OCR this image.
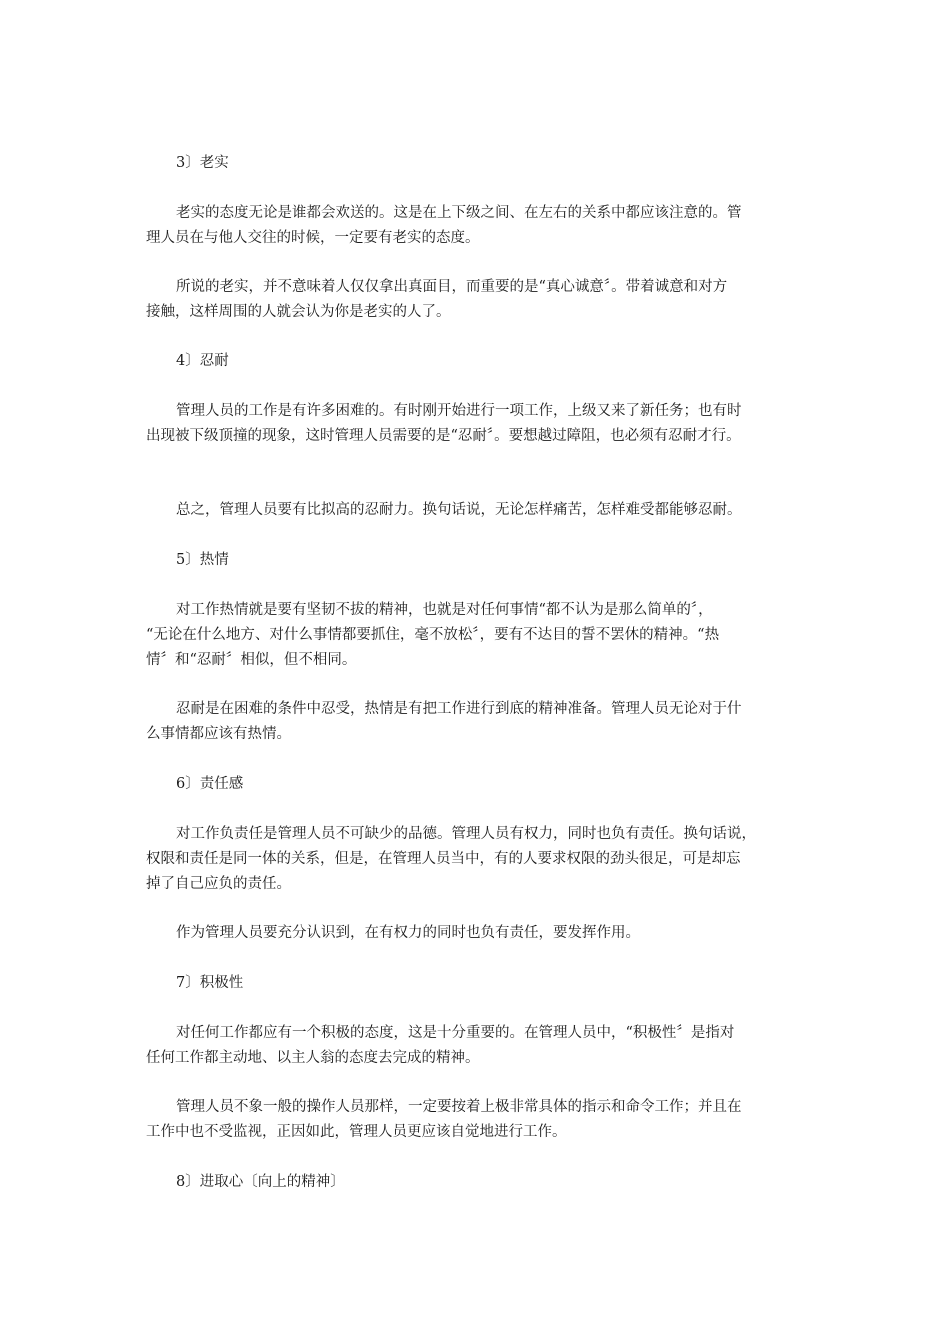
3〕老实
老实的态度无论是谁都会欢送的。这是在上下级之间、在左右的关系中都应该注意的。管
理人员在与他人交往的时候，一定要有老实的态度。
所说的老实，并不意味着人仅仅拿出真面目，而重要的是“真心诚意〞。带着诚意和对方
接触，这样周围的人就会认为你是老实的人了。
4〕忍耐
管理人员的工作是有许多困难的。有时刚开始进行一项工作，上级又来了新任务；也有时
出现被下级顶撞的现象，这时管理人员需要的是“忍耐〞。要想越过障阻，也必须有忍耐才行。
总之，管理人员要有比拟高的忍耐力。换句话说，无论怎样痛苦，怎样难受都能够忍耐。
5〕热情
对工作热情就是要有坚韧不拔的精神，也就是对任何事情“都不认为是那么简单的〞，
“无论在什么地方、对什么事情都要抓住，毫不放松〞，要有不达目的誓不罢休的精神。“热
情〞和“忍耐〞相似，但不相同。
忍耐是在困难的条件中忍受，热情是有把工作进行到底的精神准备。管理人员无论对于什
么事情都应该有热情。
6〕责任感
对工作负责任是管理人员不可缺少的品德。管理人员有权力，同时也负有责任。换句话说，
权限和责任是同一体的关系，但是，在管理人员当中，有的人要求权限的劲头很足，可是却忘
掉了自己应负的责任。
作为管理人员要充分认识到，在有权力的同时也负有责任，要发挥作用。
7〕积极性
对任何工作都应有一个积极的态度，这是十分重要的。在管理人员中，“积极性〞是指对
任何工作都主动地、以主人翁的态度去完成的精神。
管理人员不象一般的操作人员那样，一定要按着上极非常具体的指示和命令工作；并且在
工作中也不受监视，正因如此，管理人员更应该自觉地进行工作。
8〕进取心〔向上的精神〕
